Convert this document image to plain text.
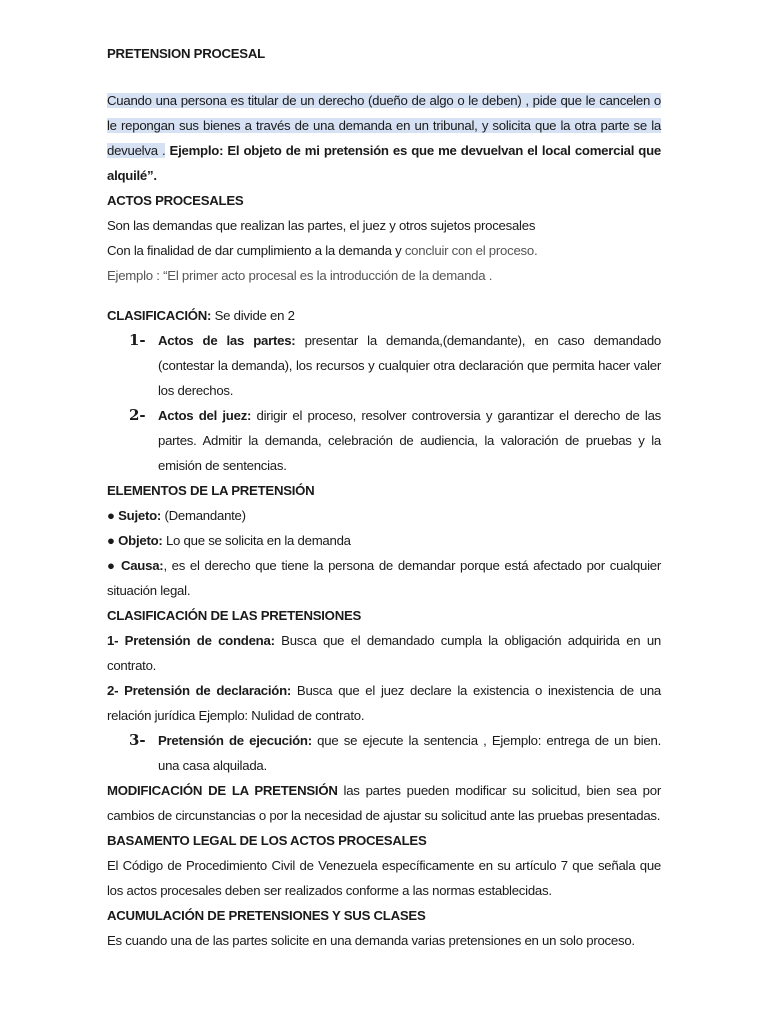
PRETENSION PROCESAL

Cuando una persona es titular de un derecho (dueño de algo o le deben) , pide que le cancelen o le repongan sus bienes a través de una demanda en un tribunal, y solicita que la otra parte se la devuelva . Ejemplo: El objeto de mi pretensión es que me devuelvan el local comercial que alquilé”.

ACTOS PROCESALES

Son las demandas que realizan las partes, el juez y otros sujetos procesales

Con la finalidad de dar cumplimiento a la demanda y concluir con el proceso.

Ejemplo : “El primer acto procesal es la introducción de la demanda .

CLASIFICACIÓN: Se divide en 2

1- Actos de las partes: presentar la demanda,(demandante), en caso demandado (contestar la demanda), los recursos y cualquier otra declaración que permita hacer valer los derechos.
2- Actos del juez: dirigir el proceso, resolver controversia y garantizar el derecho de las partes. Admitir la demanda, celebración de audiencia, la valoración de pruebas y la emisión de sentencias.

ELEMENTOS DE LA PRETENSIÓN

● Sujeto: (Demandante)

● Objeto: Lo que se solicita en la demanda

● Causa:, es el derecho que tiene la persona de demandar porque está afectado por cualquier situación legal.

CLASIFICACIÓN DE LAS PRETENSIONES

1- Pretensión de condena: Busca que el demandado cumpla la obligación adquirida en un contrato.

2- Pretensión de declaración: Busca que el juez declare la existencia o inexistencia de una relación jurídica Ejemplo: Nulidad de contrato.

3- Pretensión de ejecución: que se ejecute la sentencia , Ejemplo: entrega de un bien. una casa alquilada.

MODIFICACIÓN DE LA PRETENSIÓN las partes pueden modificar su solicitud, bien sea por cambios de circunstancias o por la necesidad de ajustar su solicitud ante las pruebas presentadas.

BASAMENTO LEGAL DE LOS ACTOS PROCESALES

El Código de Procedimiento Civil de Venezuela específicamente en su artículo 7 que señala que los actos procesales deben ser realizados conforme a las normas establecidas.

ACUMULACIÓN DE PRETENSIONES Y SUS CLASES

Es cuando una de las partes solicite en una demanda varias pretensiones en un solo proceso.
